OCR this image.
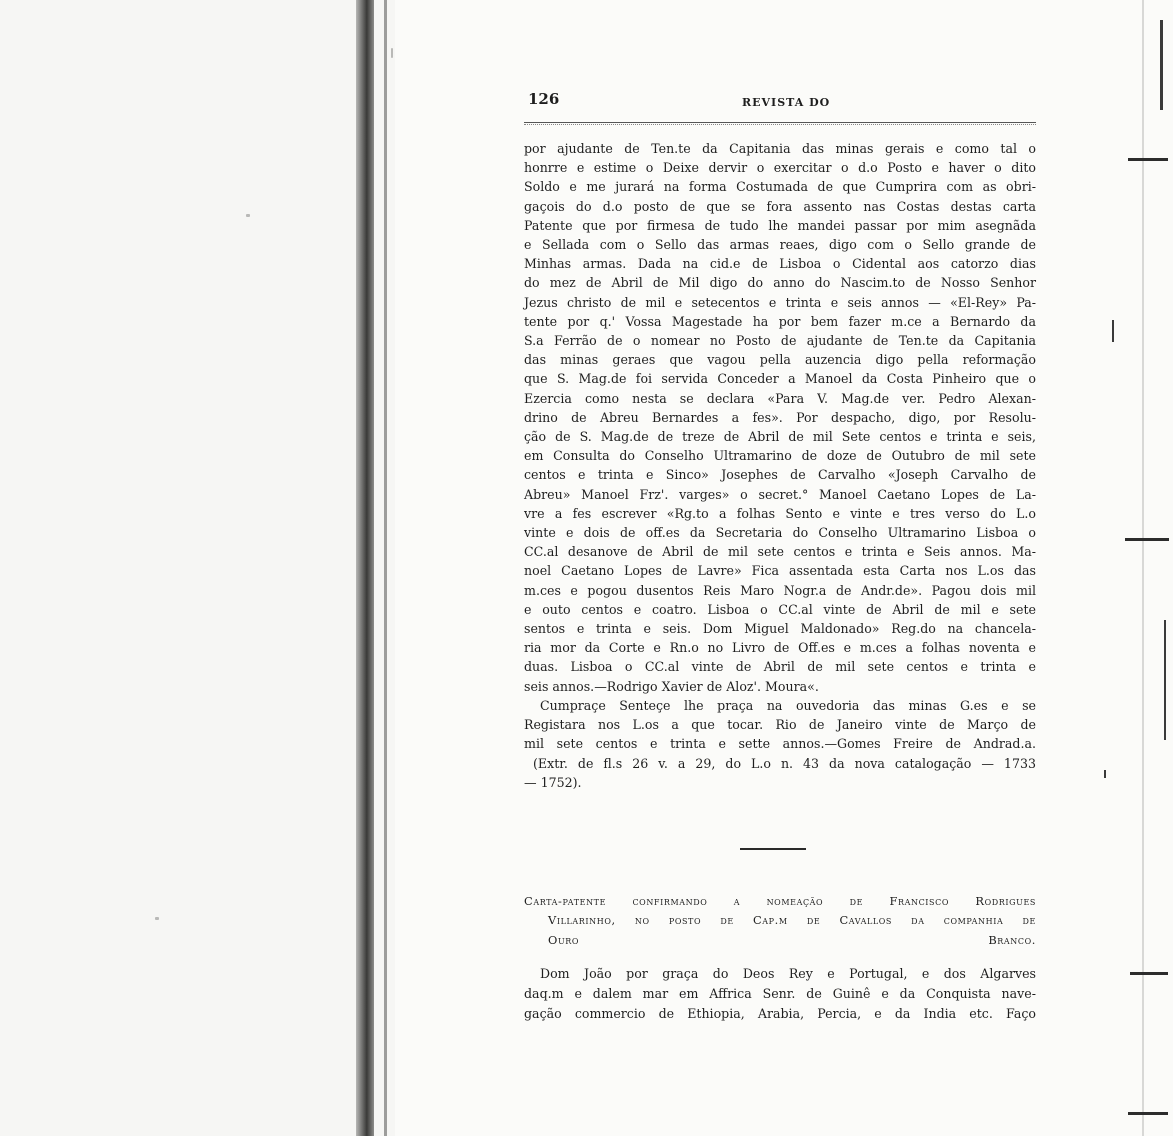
126	REVISTA DO
por ajudante de Ten.te da Capitania das minas gerais e como tal o
honrre e estime o Deixe dervir o exercitar o d.o Posto e haver o dito
Soldo e me jurará na forma Costumada de que Cumprira com as obri-
gaçois do d.o posto de que se fora assento nas Costas destas carta
Patente que por firmesa de tudo lhe mandei passar por mim asegnãda
e Sellada com o Sello das armas reaes, digo com o Sello grande de
Minhas armas. Dada na cid.e de Lisboa o Cidental aos catorzo dias
do mez de Abril de Mil digo do anno do Nascim.to de Nosso Senhor
Jezus christo de mil e setecentos e trinta e seis annos — «El-Rey» Pa-
tente por q.' Vossa Magestade ha por bem fazer m.ce a Bernardo da
S.a Ferrão de o nomear no Posto de ajudante de Ten.te da Capitania
das minas geraes que vagou pella auzencia digo pella reformação
que S. Mag.de foi servida Conceder a Manoel da Costa Pinheiro que o
Ezercia como nesta se declara «Para V. Mag.de ver. Pedro Alexan-
drino de Abreu Bernardes a fes». Por despacho, digo, por Resolu-
ção de S. Mag.de de treze de Abril de mil Sete centos e trinta e seis,
em Consulta do Conselho Ultramarino de doze de Outubro de mil sete
centos e trinta e Sinco» Josephes de Carvalho «Joseph Carvalho de
Abreu» Manoel Frz'. varges» o secret.° Manoel Caetano Lopes de La-
vre a fes escrever «Rg.to a folhas Sento e vinte e tres verso do L.o
vinte e dois de off.es da Secretaria do Conselho Ultramarino Lisboa o
CC.al desanove de Abril de mil sete centos e trinta e Seis annos. Ma-
noel Caetano Lopes de Lavre» Fica assentada esta Carta nos L.os das
m.ces e pogou dusentos Reis Maro Nogr.a de Andr.de». Pagou dois mil
e outo centos e coatro. Lisboa o CC.al vinte de Abril de mil e sete
sentos e trinta e seis. Dom Miguel Maldonado» Reg.do na chancela-
ria mor da Corte e Rn.o no Livro de Off.es e m.ces a folhas noventa e
duas. Lisboa o CC.al vinte de Abril de mil sete centos e trinta e
seis annos.—Rodrigo Xavier de Aloz'. Moura«.
Cumpraçe Senteçe lhe praça na ouvedoria das minas G.es e se
Registara nos L.os a que tocar. Rio de Janeiro vinte de Março de
mil sete centos e trinta e sette annos.—Gomes Freire de Andrad.a.
(Extr. de fl.s 26 v. a 29, do L.o n. 43 da nova catalogação — 1733
— 1752).
Carta-patente confirmando a nomeação de Francisco Rodrigues
Villarinho, no posto de Cap.m de Cavallos da companhia de
Ouro Branco.
Dom João por graça do Deos Rey e Portugal, e dos Algarves
daq.m e dalem mar em Affrica Senr. de Guinê e da Conquista nave-
gação commercio de Ethiopia, Arabia, Percia, e da India etc. Faço
